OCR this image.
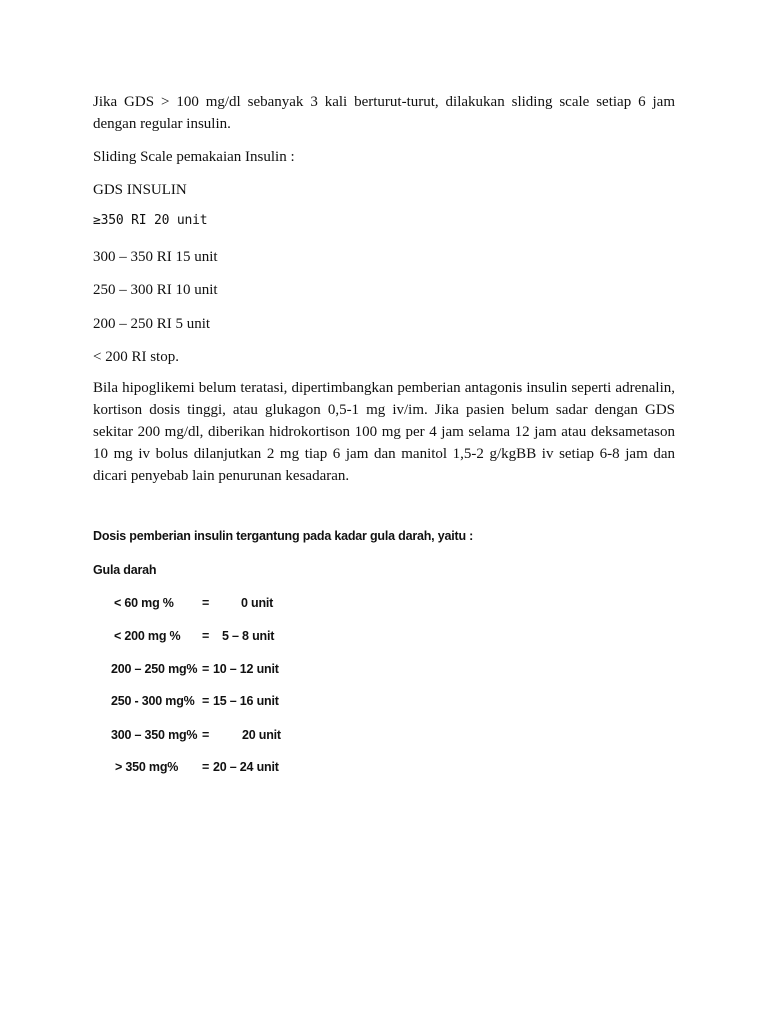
Jika GDS > 100 mg/dl sebanyak 3 kali berturut-turut, dilakukan sliding scale setiap 6 jam dengan regular insulin.

Sliding Scale pemakaian Insulin :

GDS INSULIN

≥350 RI 20 unit

300 – 350 RI 15 unit

250 – 300 RI 10 unit

200 – 250 RI 5 unit

< 200 RI stop.

Bila hipoglikemi belum teratasi, dipertimbangkan pemberian antagonis insulin seperti adrenalin, kortison dosis tinggi, atau glukagon 0,5-1 mg iv/im. Jika pasien belum sadar dengan GDS sekitar 200 mg/dl, diberikan hidrokortison 100 mg per 4 jam selama 12 jam atau deksametason 10 mg iv bolus dilanjutkan 2 mg tiap 6 jam dan manitol 1,5-2 g/kgBB iv setiap 6-8 jam dan dicari penyebab lain penurunan kesadaran.

Dosis pemberian insulin tergantung pada kadar gula darah, yaitu :

Gula darah

< 60 mg % =	0 unit
< 200 mg % = 5 – 8 unit
200 – 250 mg% = 10 – 12 unit
250 - 300 mg% = 15 – 16 unit
300 – 350 mg% =	20 unit
> 350 mg% = 20 – 24 unit
